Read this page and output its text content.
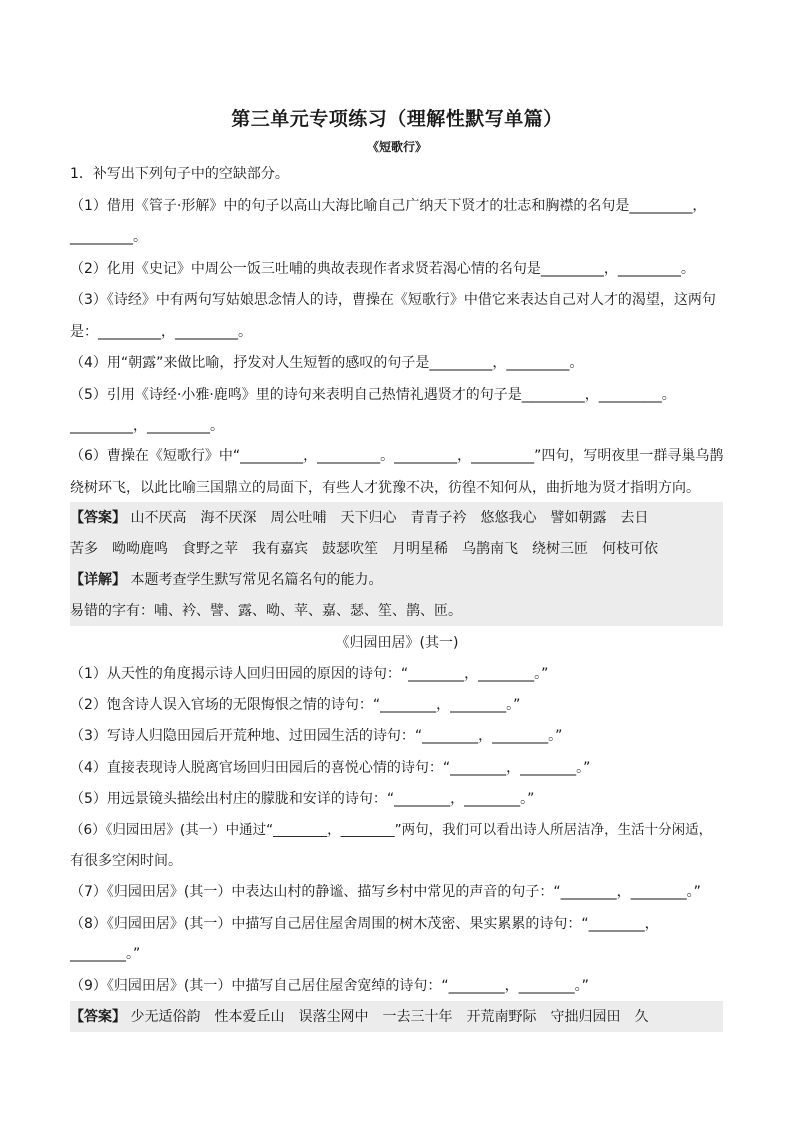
第三单元专项练习（理解性默写单篇）
《短歌行》
1．补写出下列句子中的空缺部分。
（1）借用《管子·形解》中的句子以高山大海比喻自己广纳天下贤才的壮志和胸襟的名句是_________，
_________。
（2）化用《史记》中周公一饭三吐哺的典故表现作者求贤若渴心情的名句是_________，_________。
（3）《诗经》中有两句写姑娘思念情人的诗，曹操在《短歌行》中借它来表达自己对人才的渴望，这两句
是：_________，_________。
（4）用“朝露”来做比喻，抒发对人生短暂的感叹的句子是_________，_________。
（5）引用《诗经·小雅·鹿鸣》里的诗句来表明自己热情礼遇贤才的句子是_________，_________。
_________，_________。
（6）曹操在《短歌行》中“_________，_________。_________，_________”四句，写明夜里一群寻巢乌鹊
绕树环飞，以此比喻三国鼎立的局面下，有些人才犹豫不决，彷徨不知何从，曲折地为贤才指明方向。
【答案】 山不厌高　海不厌深　周公吐哺　天下归心　青青子衿　悠悠我心　譬如朝露　去日
苦多　呦呦鹿鸣　食野之苹　我有嘉宾　鼓瑟吹笙　月明星稀　乌鹊南飞　绕树三匝　何枝可依
【详解】 本题考查学生默写常见名篇名句的能力。
易错的字有：哺、衿、譬、露、呦、苹、嘉、瑟、笙、鹊、匝。
《归园田居》(其一)
（1）从天性的角度揭示诗人回归田园的原因的诗句：“________，________。”
（2）饱含诗人误入官场的无限悔恨之情的诗句：“________，________。”
（3）写诗人归隐田园后开荒种地、过田园生活的诗句：“________，________。”
（4）直接表现诗人脱离官场回归田园后的喜悦心情的诗句：“________，________。”
（5）用远景镜头描绘出村庄的朦胧和安详的诗句：“________，________。”
（6）《归园田居》(其一）中通过“________，________”两句，我们可以看出诗人所居洁净，生活十分闲适，
有很多空闲时间。
（7）《归园田居》(其一）中表达山村的静谧、描写乡村中常见的声音的句子：“________，________。”
（8）《归园田居》(其一）中描写自己居住屋舍周围的树木茂密、果实累累的诗句：“________，
________。”
（9）《归园田居》(其一）中描写自己居住屋舍宽绰的诗句：“________，________。”
【答案】 少无适俗韵　性本爱丘山　误落尘网中　一去三十年　开荒南野际　守拙归园田　久
